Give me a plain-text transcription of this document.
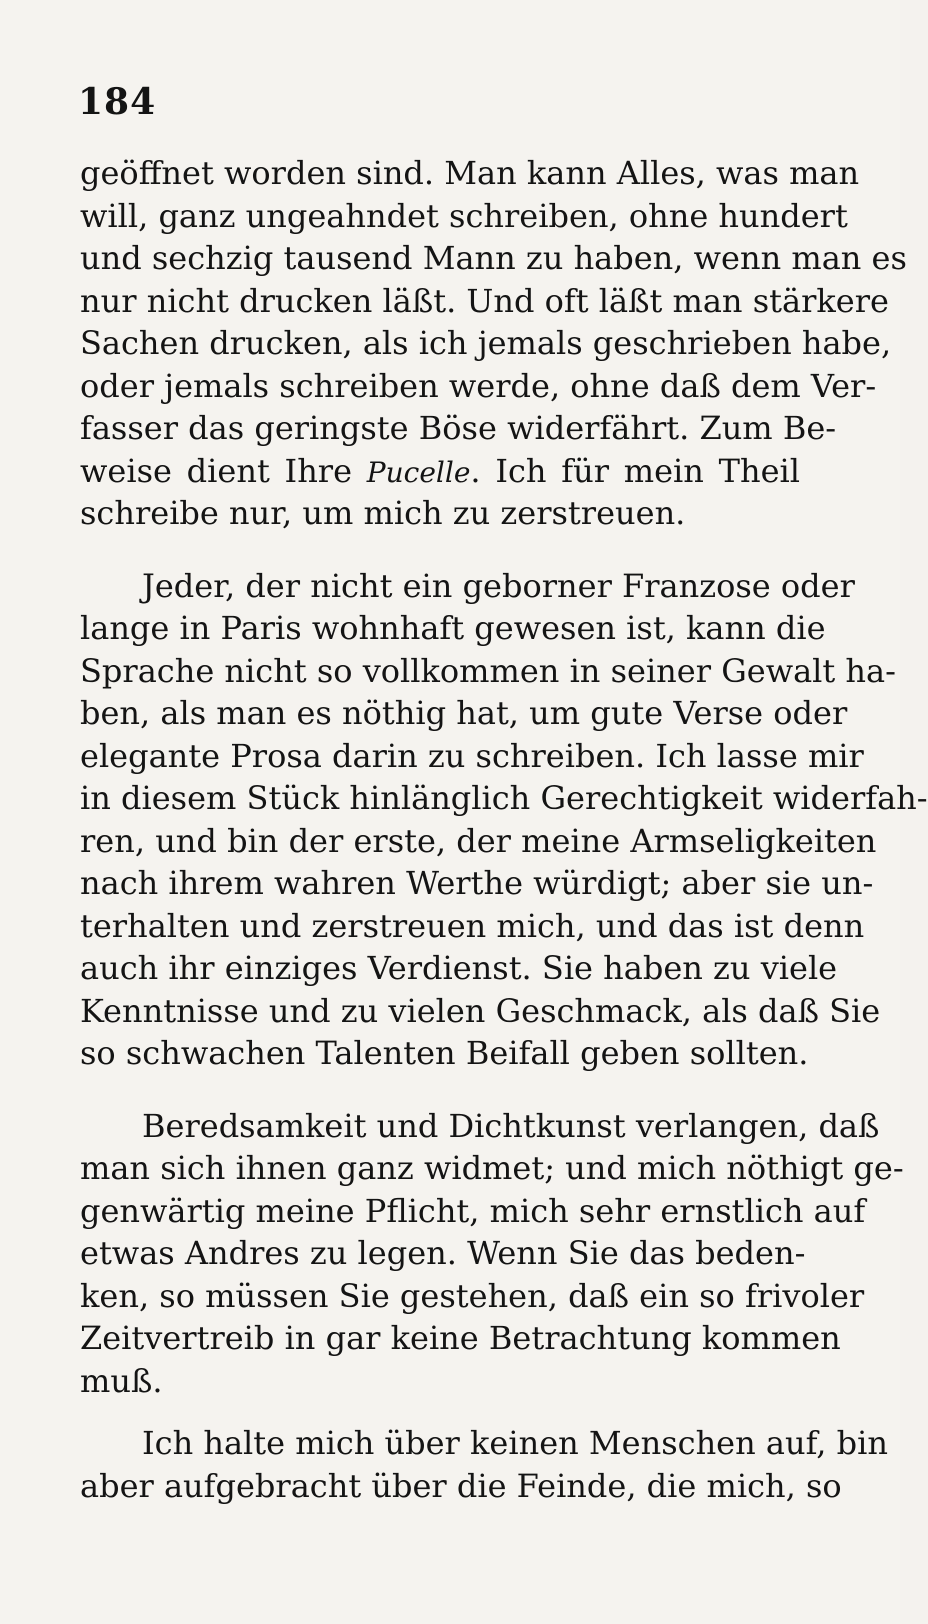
184
geöffnet worden sind. Man kann Alles, was man
will, ganz ungeahndet schreiben, ohne hundert
und sechzig tausend Mann zu haben, wenn man es
nur nicht drucken läßt. Und oft läßt man stärkere
Sachen drucken, als ich jemals geschrieben habe,
oder jemals schreiben werde, ohne daß dem Ver-
fasser das geringste Böse widerfährt. Zum Be-
weise dient Ihre Pucelle. Ich für mein Theil
schreibe nur, um mich zu zerstreuen.
Jeder, der nicht ein geborner Franzose oder
lange in Paris wohnhaft gewesen ist, kann die
Sprache nicht so vollkommen in seiner Gewalt ha-
ben, als man es nöthig hat, um gute Verse oder
elegante Prosa darin zu schreiben. Ich lasse mir
in diesem Stück hinlänglich Gerechtigkeit widerfah-
ren, und bin der erste, der meine Armseligkeiten
nach ihrem wahren Werthe würdigt; aber sie un-
terhalten und zerstreuen mich, und das ist denn
auch ihr einziges Verdienst. Sie haben zu viele
Kenntnisse und zu vielen Geschmack, als daß Sie
so schwachen Talenten Beifall geben sollten.
Beredsamkeit und Dichtkunst verlangen, daß
man sich ihnen ganz widmet; und mich nöthigt ge-
genwärtig meine Pflicht, mich sehr ernstlich auf
etwas Andres zu legen. Wenn Sie das beden-
ken, so müssen Sie gestehen, daß ein so frivoler
Zeitvertreib in gar keine Betrachtung kommen
muß.
Ich halte mich über keinen Menschen auf, bin
aber aufgebracht über die Feinde, die mich, so
